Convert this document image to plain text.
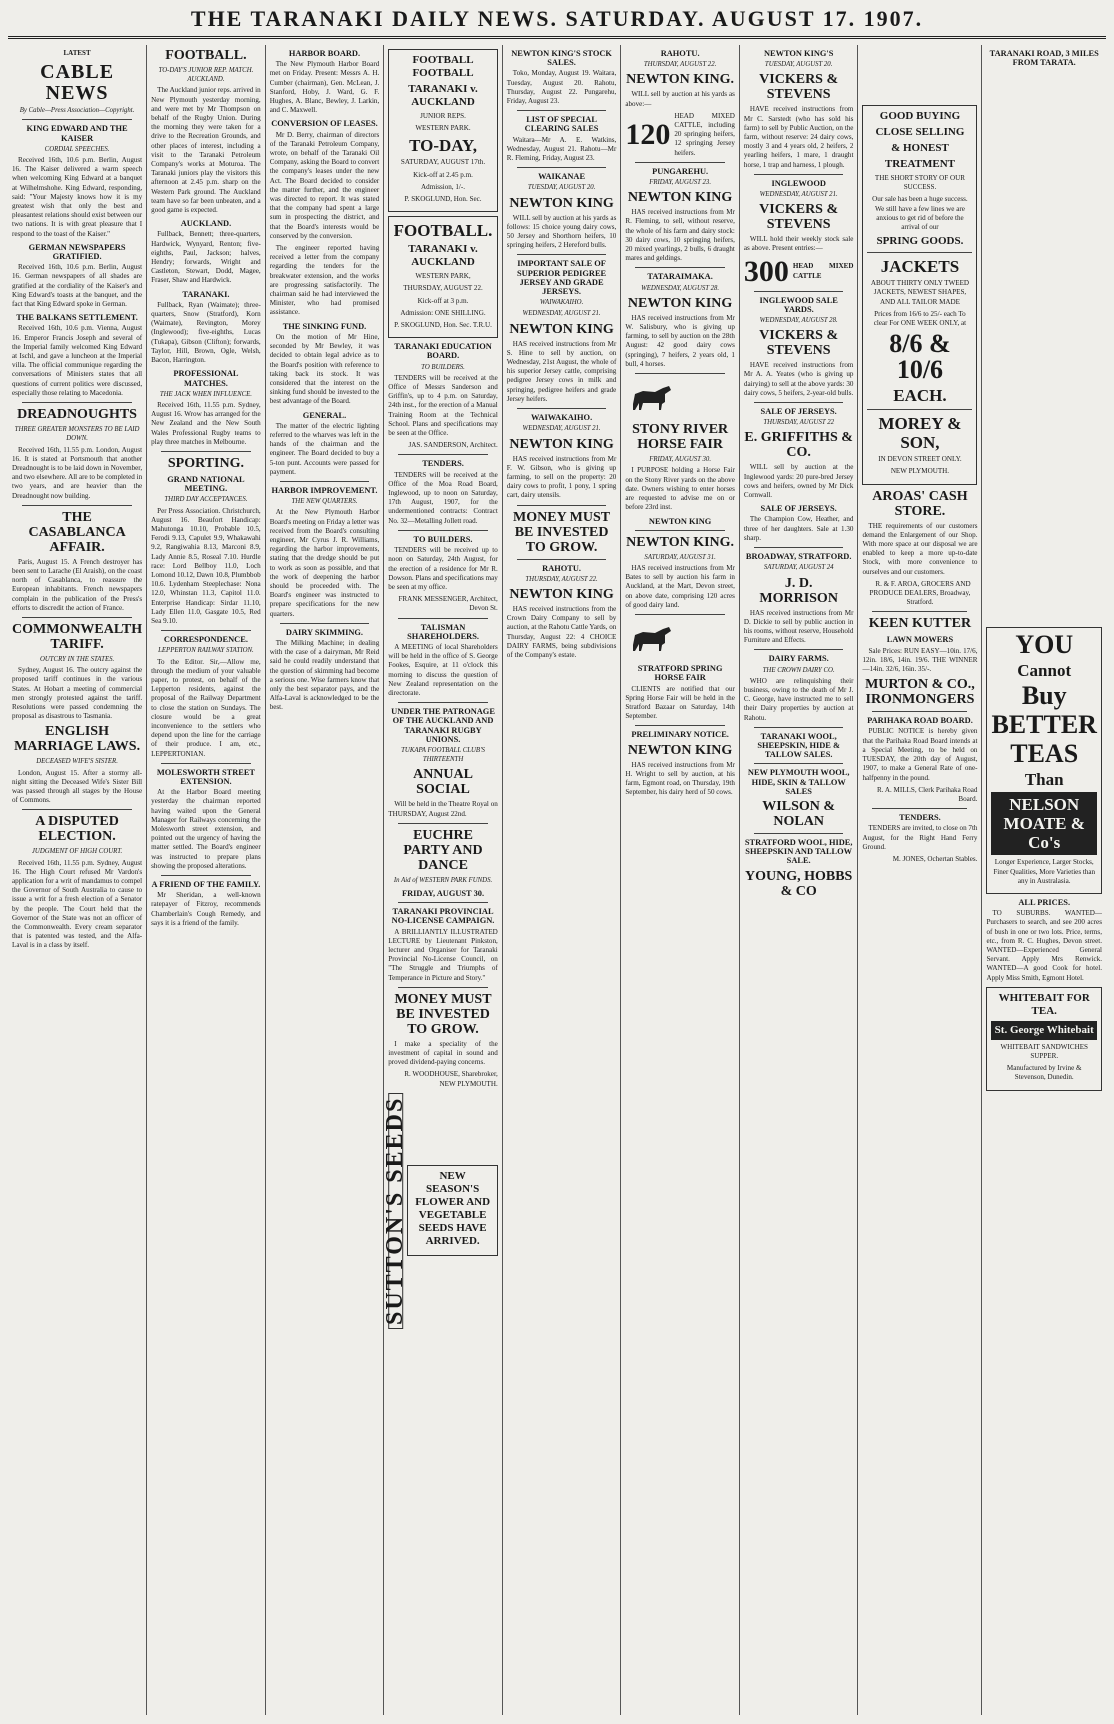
THE TARANAKI DAILY NEWS. SATURDAY. AUGUST 17. 1907.
LATEST
CABLE NEWS
By Cable—Press Association—Copyright.
KING EDWARD AND THE KAISER
CORDIAL SPEECHES.

Received 16th, 10.6 p.m. Berlin, August 16. The Kaiser delivered a warm speech when welcoming King Edward at a banquet at Wilhelmshohe. King Edward, responding, said: "Your Majesty knows how it is my greatest wish that only the best and pleasantest relations should exist between our two nations. It is with great pleasure that I respond to the toast of the Kaiser."

GERMAN NEWSPAPERS GRATIFIED.

Received 16th, 10.6 p.m. Berlin, August 16. German newspapers of all shades are gratified at the cordiality of the Kaiser's and King Edward's toasts at the banquet, and the fact that King Edward spoke in German.

THE BALKANS SETTLEMENT.

Received 16th, 10.6 p.m. Vienna, August 16. Emperor Francis Joseph and several of the Imperial family welcomed King Edward at Ischl, and gave a luncheon at the Imperial villa. The official communique regarding the conversations of Ministers states that all questions of current politics were discussed, especially those relating to Macedonia.

DREADNOUGHTS
THREE GREATER MONSTERS TO BE LAID DOWN.

Received 16th, 11.55 p.m. London, August 16. It is stated at Portsmouth that another Dreadnought is to be laid down in November, and two elsewhere. All are to be completed in two years, and are heavier than the Dreadnought now building.

THE CASABLANCA AFFAIR.

Paris, August 15. A French destroyer has been sent to Larache (El Araish), on the coast north of Casablanca, to reassure the European inhabitants. French newspapers complain in the publication of the Press's efforts to discredit the action of France.

COMMONWEALTH TARIFF.
OUTCRY IN THE STATES.

Sydney, August 16. The outcry against the proposed tariff continues in the various States. At Hobart a meeting of commercial men strongly protested against the tariff. Resolutions were passed condemning the proposal as disastrous to Tasmania.

ENGLISH MARRIAGE LAWS.
DECEASED WIFE'S SISTER.

London, August 15. After a stormy all-night sitting the Deceased Wife's Sister Bill was passed through all stages by the House of Commons.

A DISPUTED ELECTION.
JUDGMENT OF HIGH COURT.

Received 16th, 11.55 p.m. Sydney, August 16. The High Court refused Mr Vardon's application for a writ of mandamus to compel the Governor of South Australia to cause to issue a writ for a fresh election of a Senator by the people. The Court held that the Governor of the State was not an officer of the Commonwealth. Every cream separator that is patented was tested, and the Alfa-Laval is in a class by itself.

FOOTBALL.
TO-DAY'S JUNIOR REP. MATCH. AUCKLAND.

The Auckland junior reps. arrived in New Plymouth yesterday morning, and were met by Mr Thompson on behalf of the Rugby Union. During the morning they were taken for a drive to the Recreation Grounds, and other places of interest, including a visit to the Taranaki Petroleum Company's works at Moturoa. The Taranaki juniors play the visitors this afternoon at 2.45 p.m. sharp on the Western Park ground. The Auckland team have so far been unbeaten, and a good game is expected.

AUCKLAND.

Fullback, Bennett; three-quarters, Hardwick, Wynyard, Renton; five-eighths, Paul, Jackson; halves, Hendry; forwards, Wright and Castleton, Stewart, Dodd, Magee, Fraser, Shaw and Hardwick.

TARANAKI.

Fullback, Ryan (Waimate); three-quarters, Snow (Stratford), Korn (Waimate), Revington, Morey (Inglewood); five-eighths, Lucas (Tukapa), Gibson (Clifton); forwards, Taylor, Hill, Brown, Ogle, Welsh, Bacon, Harrington.

PROFESSIONAL MATCHES.
THE JACK WHEN INFLUENCE.

Received 16th, 11.55 p.m. Sydney, August 16. Wrow has arranged for the New Zealand and the New South Wales Professional Rugby teams to play three matches in Melbourne.

SPORTING.
GRAND NATIONAL MEETING.
THIRD DAY ACCEPTANCES.

Per Press Association. Christchurch, August 16. Beaufort Handicap: Mahutonga 10.10, Probable 10.5, Ferodi 9.13, Capulet 9.9, Whakawahi 9.2, Rangiwahia 8.13, Marconi 8.9, Lady Annie 8.5, Roseal 7.10. Hurdle race: Lord Bellboy 11.0, Loch Lomond 10.12, Dawn 10.8, Plumbbob 10.6. Lydenham Steeplechase: Nona 12.0, Whinstan 11.3, Capitol 11.0. Enterprise Handicap: Sirdar 11.10, Lady Ellen 11.0, Gasgate 10.5, Red Sea 9.10.

CORRESPONDENCE.
LEPPERTON RAILWAY STATION.

To the Editor. Sir,—Allow me, through the medium of your valuable paper, to protest, on behalf of the Lepperton residents, against the proposal of the Railway Department to close the station on Sundays. The closure would be a great inconvenience to the settlers who depend upon the line for the carriage of their produce. I am, etc., LEPPERTONIAN.

MOLESWORTH STREET EXTENSION.

At the Harbor Board meeting yesterday the chairman reported having waited upon the General Manager for Railways concerning the Molesworth street extension, and pointed out the urgency of having the matter settled. The Board's engineer was instructed to prepare plans showing the proposed alterations.

A FRIEND OF THE FAMILY.

Mr Sheridan, a well-known ratepayer of Fitzroy, recommends Chamberlain's Cough Remedy, and says it is a friend of the family.

HARBOR BOARD.

The New Plymouth Harbor Board met on Friday. Present: Messrs A. H. Cumber (chairman), Gen. McLean, J. Stanford, Hoby, J. Ward, G. F. Hughes, A. Blanc, Bewley, J. Larkin, and C. Maxwell.

CONVERSION OF LEASES.

Mr D. Berry, chairman of directors of the Taranaki Petroleum Company, wrote, on behalf of the Taranaki Oil Company, asking the Board to convert the company's leases under the new Act. The Board decided to consider the matter further, and the engineer was directed to report. It was stated that the company had spent a large sum in prospecting the district, and that the Board's interests would be conserved by the conversion.

The engineer reported having received a letter from the company regarding the tenders for the breakwater extension, and the works are progressing satisfactorily. The chairman said he had interviewed the Minister, who had promised assistance.

THE SINKING FUND.

On the motion of Mr Hine, seconded by Mr Bewley, it was decided to obtain legal advice as to the Board's position with reference to taking back its stock. It was considered that the interest on the sinking fund should be invested to the best advantage of the Board.

GENERAL.

The matter of the electric lighting referred to the wharves was left in the hands of the chairman and the engineer. The Board decided to buy a 5-ton punt. Accounts were passed for payment.

HARBOR IMPROVEMENT.
THE NEW QUARTERS.

At the New Plymouth Harbor Board's meeting on Friday a letter was received from the Board's consulting engineer, Mr Cyrus J. R. Williams, regarding the harbor improvements, stating that the dredge should be put to work as soon as possible, and that the work of deepening the harbor should be proceeded with. The Board's engineer was instructed to prepare specifications for the new quarters.

DAIRY SKIMMING.

The Milking Machine; in dealing with the case of a dairyman, Mr Reid said he could readily understand that the question of skimming had become a serious one. Wise farmers know that only the best separator pays, and the Alfa-Laval is acknowledged to be the best.

FOOTBALL FOOTBALL

TARANAKI v. AUCKLAND

JUNIOR REPS.

WESTERN PARK.

TO-DAY,

SATURDAY, AUGUST 17th.

Kick-off at 2.45 p.m.

Admission, 1/-.

P. SKOGLUND, Hon. Sec.

FOOTBALL.

TARANAKI v. AUCKLAND

WESTERN PARK,

THURSDAY, AUGUST 22.

Kick-off at 3 p.m.

Admission: ONE SHILLING.

P. SKOGLUND, Hon. Sec. T.R.U.

TARANAKI EDUCATION BOARD.
TO BUILDERS.

TENDERS will be received at the Office of Messrs Sanderson and Griffin's, up to 4 p.m. on Saturday, 24th inst., for the erection of a Manual Training Room at the Technical School. Plans and specifications may be seen at the Office.

JAS. SANDERSON, Architect.

TENDERS.

TENDERS will be received at the Office of the Moa Road Board, Inglewood, up to noon on Saturday, 17th August, 1907, for the undermentioned contracts: Contract No. 32—Metalling Jollett road.

TO BUILDERS.

TENDERS will be received up to noon on Saturday, 24th August, for the erection of a residence for Mr R. Dowson. Plans and specifications may be seen at my office.

FRANK MESSENGER, Architect, Devon St.

TALISMAN SHAREHOLDERS.

A MEETING of local Shareholders will be held in the office of S. George Fookes, Esquire, at 11 o'clock this morning to discuss the question of New Zealand representation on the directorate.

UNDER THE PATRONAGE OF THE AUCKLAND AND TARANAKI RUGBY UNIONS.
TUKAPA FOOTBALL CLUB'S THIRTEENTH
ANNUAL SOCIAL

Will be held in the Theatre Royal on THURSDAY, August 22nd.

EUCHRE PARTY AND DANCE
In Aid of WESTERN PARK FUNDS.
FRIDAY, AUGUST 30.
TARANAKI PROVINCIAL NO-LICENSE CAMPAIGN.

A BRILLIANTLY ILLUSTRATED LECTURE by Lieutenant Pinkston, lecturer and Organiser for Taranaki Provincial No-License Council, on "The Struggle and Triumphs of Temperance in Picture and Story."

MONEY MUST BE INVESTED TO GROW.

I make a speciality of the investment of capital in sound and proved dividend-paying concerns.

R. WOODHOUSE, Sharebroker, NEW PLYMOUTH.

SUTTON'S SEEDS	NEW SEASON'S FLOWER AND VEGETABLE SEEDS HAVE ARRIVED.

NEWTON KING'S STOCK SALES.

Toko, Monday, August 19. Waitara, Tuesday, August 20. Rahotu, Thursday, August 22. Pungarehu, Friday, August 23.

LIST OF SPECIAL CLEARING SALES

Waitara—Mr A. E. Watkins, Wednesday, August 21. Rahotu—Mr R. Fleming, Friday, August 23.

WAIKANAE
TUESDAY, AUGUST 20.
NEWTON KING

WILL sell by auction at his yards as follows: 15 choice young dairy cows, 50 Jersey and Shorthorn heifers, 10 springing heifers, 2 Hereford bulls.

IMPORTANT SALE OF SUPERIOR PEDIGREE JERSEY AND GRADE JERSEYS.
WAIWAKAIHO.
WEDNESDAY, AUGUST 21.
NEWTON KING

HAS received instructions from Mr S. Hine to sell by auction, on Wednesday, 21st August, the whole of his superior Jersey cattle, comprising pedigree Jersey cows in milk and springing, pedigree heifers and grade Jersey heifers.

WAIWAKAIHO.
WEDNESDAY, AUGUST 21.
NEWTON KING

HAS received instructions from Mr F. W. Gibson, who is giving up farming, to sell on the property: 20 dairy cows to profit, 1 pony, 1 spring cart, dairy utensils.

MONEY MUST BE INVESTED TO GROW.
RAHOTU.
THURSDAY, AUGUST 22.
NEWTON KING

HAS received instructions from the Crown Dairy Company to sell by auction, at the Rahotu Cattle Yards, on Thursday, August 22: 4 CHOICE DAIRY FARMS, being subdivisions of the Company's estate.

RAHOTU.
THURSDAY, AUGUST 22.
NEWTON KING.

WILL sell by auction at his yards as above:—

120
HEAD MIXED CATTLE, including 20 springing heifers, 12 springing Jersey heifers.
PUNGAREHU.
FRIDAY, AUGUST 23.
NEWTON KING

HAS received instructions from Mr R. Fleming, to sell, without reserve, the whole of his farm and dairy stock: 30 dairy cows, 10 springing heifers, 20 mixed yearlings, 2 bulls, 6 draught mares and geldings.

TATARAIMAKA.
WEDNESDAY, AUGUST 28.
NEWTON KING

HAS received instructions from Mr W. Salisbury, who is giving up farming, to sell by auction on the 28th August: 42 good dairy cows (springing), 7 heifers, 2 years old, 1 bull, 4 horses.

STONY RIVER HORSE FAIR
FRIDAY, AUGUST 30.

I PURPOSE holding a Horse Fair on the Stony River yards on the above date. Owners wishing to enter horses are requested to advise me on or before 23rd inst.

NEWTON KING
NEWTON KING.
SATURDAY, AUGUST 31.

HAS received instructions from Mr Bates to sell by auction his farm in Auckland, at the Mart, Devon street, on above date, comprising 120 acres of good dairy land.

STRATFORD SPRING HORSE FAIR

CLIENTS are notified that our Spring Horse Fair will be held in the Stratford Bazaar on Saturday, 14th September.

PRELIMINARY NOTICE.
NEWTON KING

HAS received instructions from Mr H. Wright to sell by auction, at his farm, Egmont road, on Thursday, 19th September, his dairy herd of 50 cows.

NEWTON KING'S
TUESDAY, AUGUST 20.
VICKERS & STEVENS

HAVE received instructions from Mr C. Sarstedt (who has sold his farm) to sell by Public Auction, on the farm, without reserve: 24 dairy cows, mostly 3 and 4 years old, 2 heifers, 2 yearling heifers, 1 mare, 1 draught horse, 1 trap and harness, 1 plough.

INGLEWOOD
WEDNESDAY, AUGUST 21.
VICKERS & STEVENS

WILL hold their weekly stock sale as above. Present entries:—

300 HEAD MIXED CATTLE
INGLEWOOD SALE YARDS.
WEDNESDAY, AUGUST 28.
VICKERS & STEVENS

HAVE received instructions from Mr A. A. Yeates (who is giving up dairying) to sell at the above yards: 30 dairy cows, 5 heifers, 2-year-old bulls.

SALE OF JERSEYS.
THURSDAY, AUGUST 22
E. GRIFFITHS & CO.

WILL sell by auction at the Inglewood yards: 20 pure-bred Jersey cows and heifers, owned by Mr Dick Cornwall.

SALE OF JERSEYS.

The Champion Cow, Heather, and three of her daughters. Sale at 1.30 sharp.

BROADWAY, STRATFORD.
SATURDAY, AUGUST 24
J. D. MORRISON

HAS received instructions from Mr D. Dickie to sell by public auction in his rooms, without reserve, Household Furniture and Effects.

DAIRY FARMS.
THE CROWN DAIRY CO.

WHO are relinquishing their business, owing to the death of Mr J. C. George, have instructed me to sell their Dairy properties by auction at Rahotu.

TARANAKI WOOL, SHEEPSKIN, HIDE & TALLOW SALES.
NEW PLYMOUTH WOOL, HIDE, SKIN & TALLOW SALES
WILSON & NOLAN
STRATFORD WOOL, HIDE, SHEEPSKIN AND TALLOW SALE.
YOUNG, HOBBS & CO

GOOD BUYING

CLOSE SELLING

& HONEST

TREATMENT

THE SHORT STORY OF OUR SUCCESS.

Our sale has been a huge success. We still have a few lines we are anxious to get rid of before the arrival of our

SPRING GOODS.

JACKETS

ABOUT THIRTY ONLY TWEED JACKETS, NEWEST SHAPES, AND ALL TAILOR MADE

Prices from 16/6 to 25/- each To clear For ONE WEEK ONLY, at

8/6 & 10/6

EACH.

MOREY & SON,

IN DEVON STREET ONLY.

NEW PLYMOUTH.

AROAS' CASH STORE.

THE requirements of our customers demand the Enlargement of our Shop. With more space at our disposal we are enabled to keep a more up-to-date Stock, with more convenience to ourselves and our customers.

R. & F. AROA, GROCERS AND PRODUCE DEALERS, Broadway, Stratford.

KEEN KUTTER
LAWN MOWERS

Sale Prices: RUN EASY—10in. 17/6, 12in. 18/6, 14in. 19/6. THE WINNER—14in. 32/6, 16in. 35/-.

MURTON & CO., IRONMONGERS
PARIHAKA ROAD BOARD.

PUBLIC NOTICE is hereby given that the Parihaka Road Board intends at a Special Meeting, to be held on TUESDAY, the 20th day of August, 1907, to make a General Rate of one-halfpenny in the pound.

R. A. MILLS, Clerk Parihaka Road Board.

TENDERS.

TENDERS are invited, to close on 7th August, for the Right Hand Ferry Ground.

M. JONES, Ochertan Stables.

TARANAKI ROAD, 3 MILES FROM TARATA.

YOU

Cannot

Buy

BETTER

TEAS

Than

NELSON MOATE & Co's

Longer Experience, Larger Stocks, Finer Qualities, More Varieties than any in Australasia.

ALL PRICES.

TO SUBURBS. WANTED—Purchasers to search, and see 200 acres of bush in one or two lots. Price, terms, etc., from R. C. Hughes, Devon street. WANTED—Experienced General Servant. Apply Mrs Renwick. WANTED—A good Cook for hotel. Apply Miss Smith, Egmont Hotel.

WHITEBAIT FOR TEA.

St. George Whitebait

WHITEBAIT SANDWICHES SUPPER.

Manufactured by Irvine & Stevenson, Dunedin.
